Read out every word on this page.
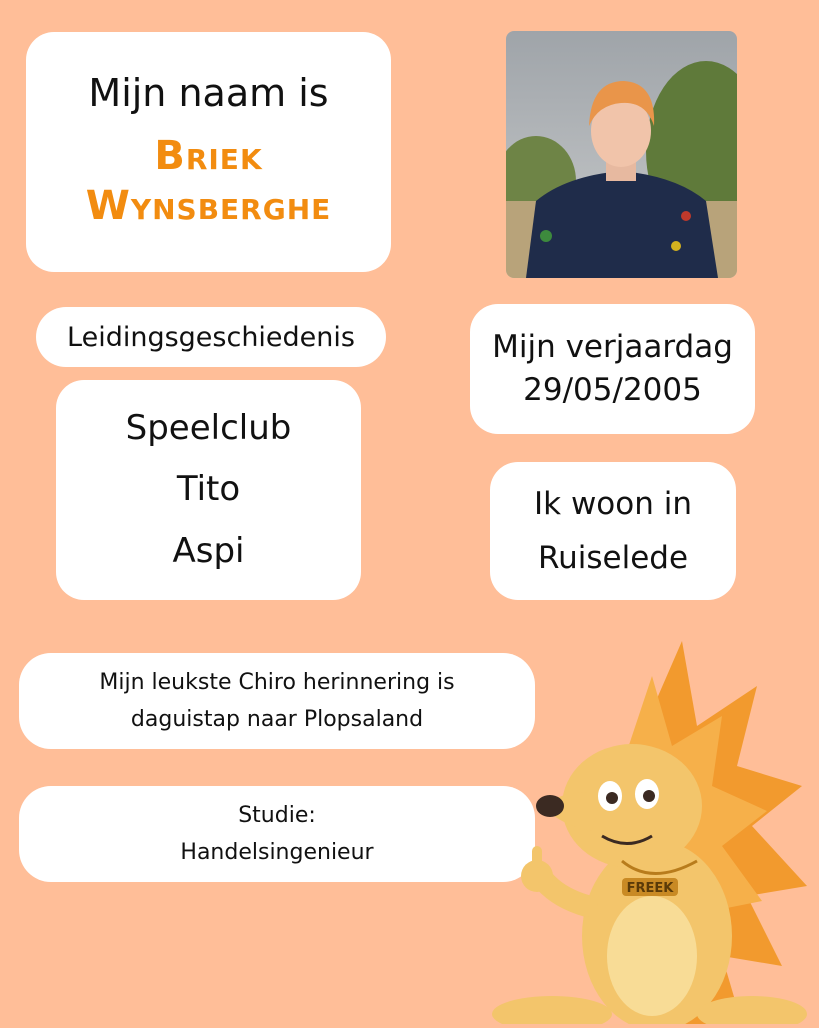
Mijn naam is
Briek
Wynsberghe
Leidingsgeschiedenis
Speelclub
Tito
Aspi
Mijn verjaardag
29/05/2005
Ik woon in
Ruiselede
Mijn leukste Chiro herinnering is
daguistap naar Plopsaland
Studie:
Handelsingenieur
FREEK
